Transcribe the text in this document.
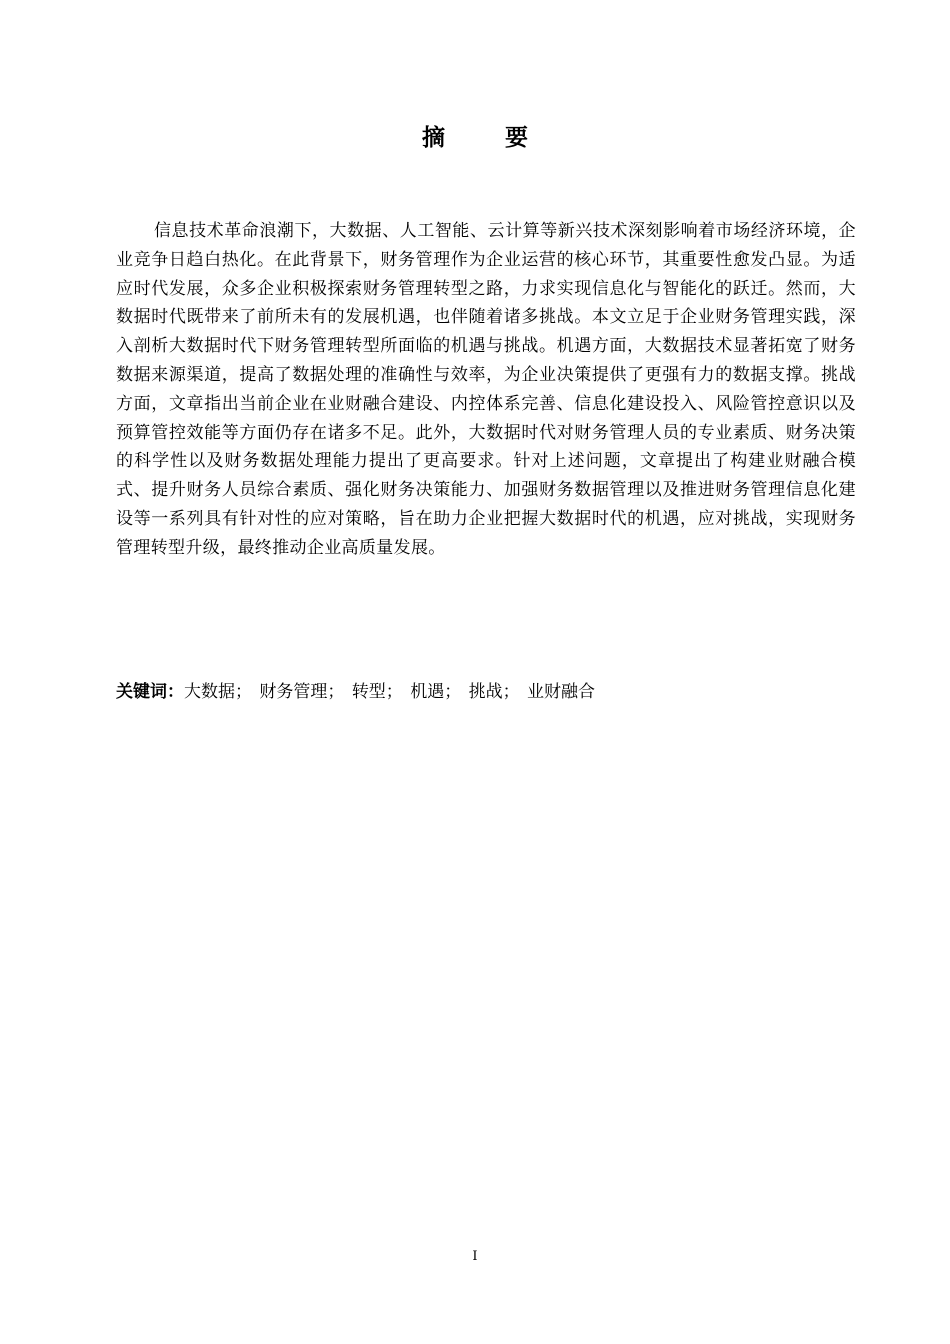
摘 要

信息技术革命浪潮下，大数据、人工智能、云计算等新兴技术深刻影响着市场经济环境，企业竞争日趋白热化。在此背景下，财务管理作为企业运营的核心环节，其重要性愈发凸显。为适应时代发展，众多企业积极探索财务管理转型之路，力求实现信息化与智能化的跃迁。然而，大数据时代既带来了前所未有的发展机遇，也伴随着诸多挑战。本文立足于企业财务管理实践，深入剖析大数据时代下财务管理转型所面临的机遇与挑战。机遇方面，大数据技术显著拓宽了财务数据来源渠道，提高了数据处理的准确性与效率，为企业决策提供了更强有力的数据支撑。挑战方面，文章指出当前企业在业财融合建设、内控体系完善、信息化建设投入、风险管控意识以及预算管控效能等方面仍存在诸多不足。此外，大数据时代对财务管理人员的专业素质、财务决策的科学性以及财务数据处理能力提出了更高要求。针对上述问题，文章提出了构建业财融合模式、提升财务人员综合素质、强化财务决策能力、加强财务数据管理以及推进财务管理信息化建设等一系列具有针对性的应对策略，旨在助力企业把握大数据时代的机遇，应对挑战，实现财务管理转型升级，最终推动企业高质量发展。

关键词：大数据； 财务管理； 转型； 机遇； 挑战； 业财融合
I
